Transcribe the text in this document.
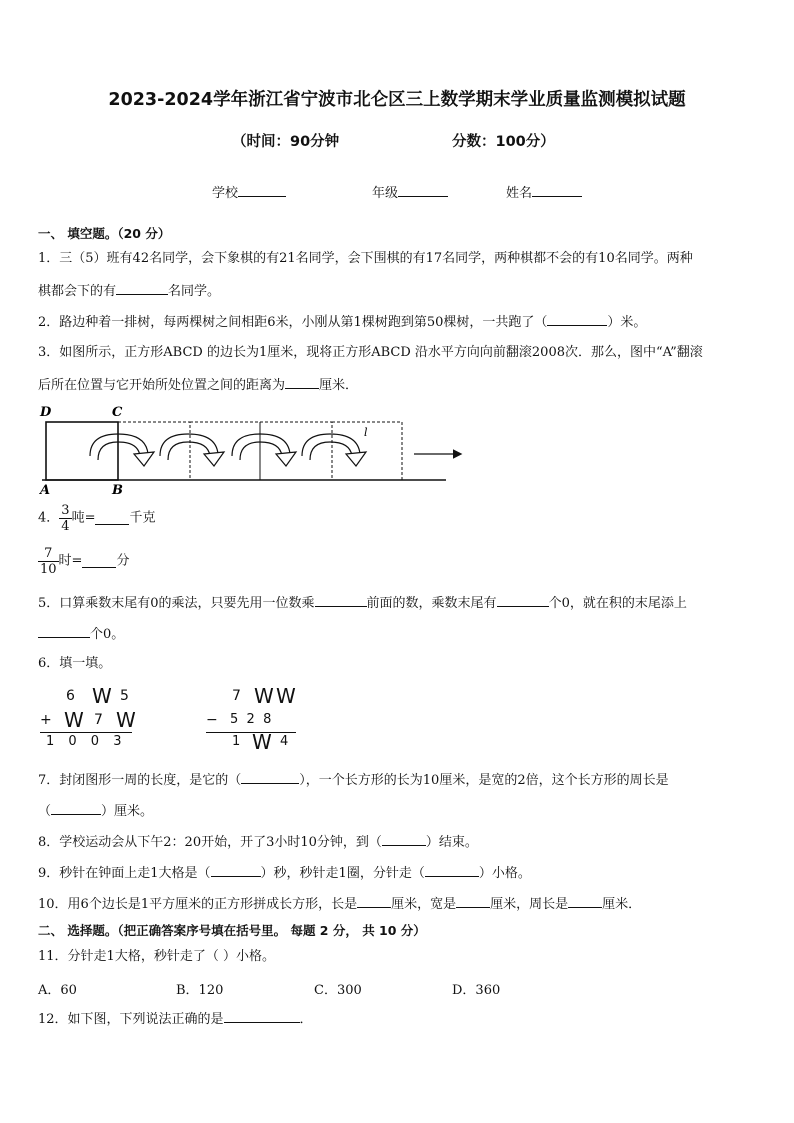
2023-2024学年浙江省宁波市北仑区三上数学期末学业质量监测模拟试题
（时间：90分钟	分数：100分）
学校	年级	姓名
一、 填空题。（20 分）
1．三（5）班有42名同学，会下象棋的有21名同学，会下围棋的有17名同学，两种棋都不会的有10名同学。两种
棋都会下的有	名同学。
2．路边种着一排树，每两棵树之间相距6米，小刚从第1棵树跑到第50棵树，一共跑了（	）米。
3．如图所示，正方形ABCD 的边长为1厘米，现将正方形ABCD 沿水平方向向前翻滚2008次．那么，图中“A”翻滚
后所在位置与它开始所处位置之间的距离为	厘米．
D	C
A	B
l
4． $\frac{3}{4}$ 吨=	千克
$\frac{7}{10}$ 时=	分
5．口算乘数末尾有0的乘法，只要先用一位数乘	前面的数，乘数末尾有	个0，就在积的末尾添上
个0。
6．填一填。
6 W 5
+ W 7 W
1 0 0 3
7 W W
− 5  2  8
1 W 4
7．封闭图形一周的长度，是它的（	），一个长方形的长为10厘米，是宽的2倍，这个长方形的周长是
（	）厘米。
8．学校运动会从下午2：20开始，开了3小时10分钟，到（	）结束。
9．秒针在钟面上走1大格是（	）秒，秒针走1圈，分针走（	）小格。
10．用6个边长是1平方厘米的正方形拼成长方形，长是	厘米，宽是	厘米，周长是	厘米．
二、 选择题。（把正确答案序号填在括号里。 每题 2 分， 共 10 分）
11．分针走1大格，秒针走了（ ）小格。
A．60	B．120	C．300	D．360
12．如下图，下列说法正确的是	．
